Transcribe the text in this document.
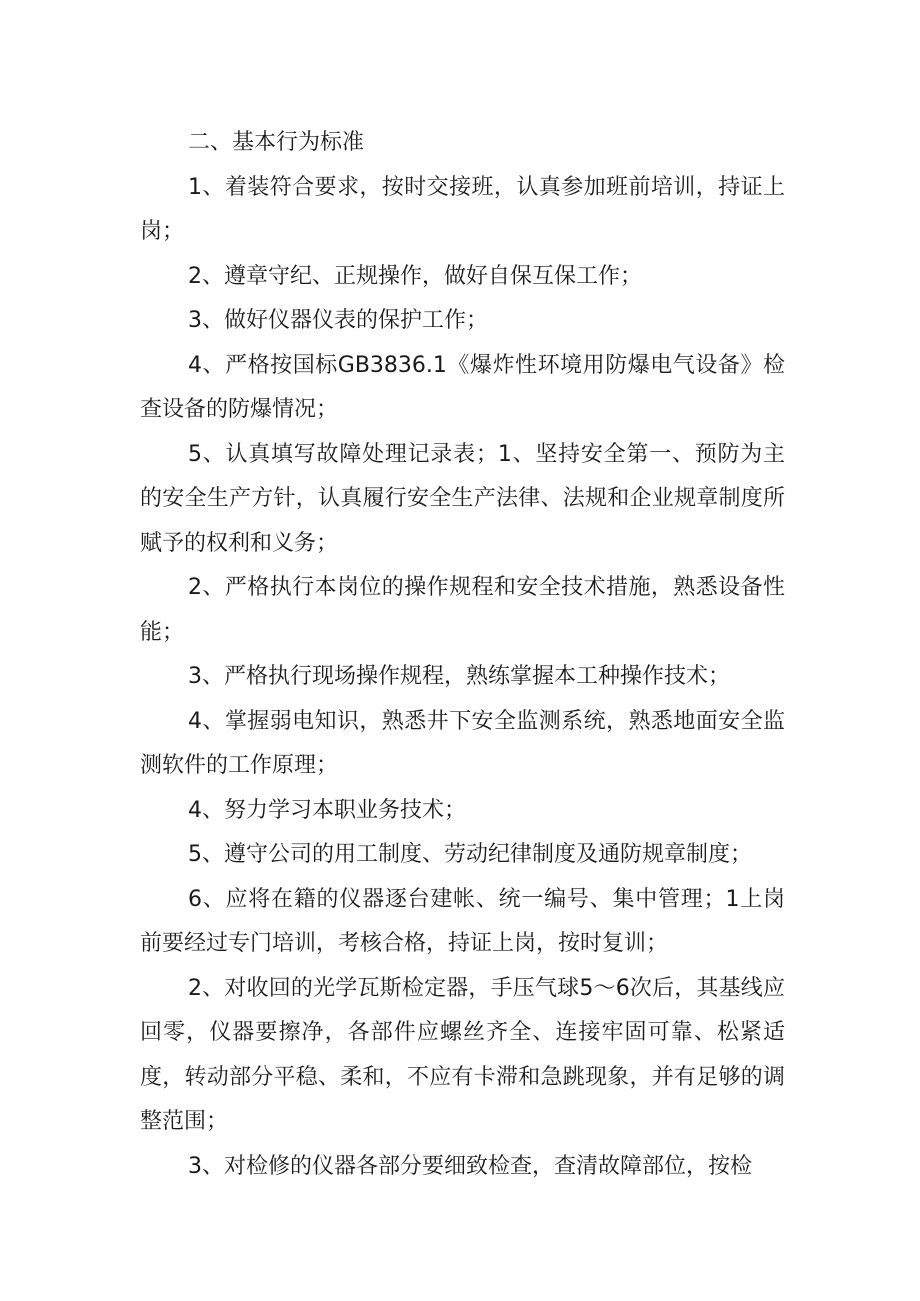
二、基本行为标准

1、着装符合要求，按时交接班，认真参加班前培训，持证上岗；

2、遵章守纪、正规操作，做好自保互保工作；

3、做好仪器仪表的保护工作；

4、严格按国标GB3836.1《爆炸性环境用防爆电气设备》检查设备的防爆情况；

5、认真填写故障处理记录表；1、坚持安全第一、预防为主的安全生产方针，认真履行安全生产法律、法规和企业规章制度所赋予的权利和义务；

2、严格执行本岗位的操作规程和安全技术措施，熟悉设备性能；

3、严格执行现场操作规程，熟练掌握本工种操作技术；

4、掌握弱电知识，熟悉井下安全监测系统，熟悉地面安全监测软件的工作原理；

4、努力学习本职业务技术；

5、遵守公司的用工制度、劳动纪律制度及通防规章制度；

6、应将在籍的仪器逐台建帐、统一编号、集中管理；1上岗前要经过专门培训，考核合格，持证上岗，按时复训；

2、对收回的光学瓦斯检定器，手压气球5～6次后，其基线应回零，仪器要擦净，各部件应螺丝齐全、连接牢固可靠、松紧适度，转动部分平稳、柔和，不应有卡滞和急跳现象，并有足够的调整范围；

3、对检修的仪器各部分要细致检查，查清故障部位，按检
